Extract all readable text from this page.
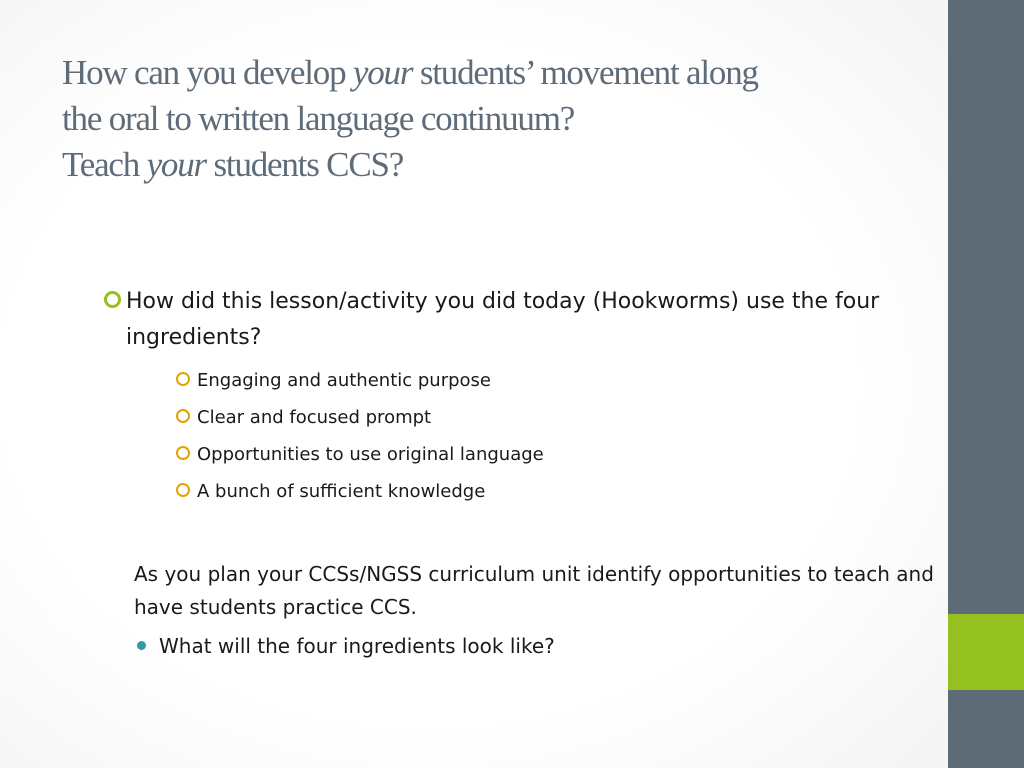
How can you develop your students’ movement along
the oral to written language continuum?
Teach your students CCS?
How did this lesson/activity you did today (Hookworms) use the four ingredients?
Engaging and authentic purpose
Clear and focused prompt
Opportunities to use original language
A bunch of sufficient knowledge

As you plan your CCSs/NGSS curriculum unit identify opportunities to teach and have students practice CCS.

What will the four ingredients look like?
